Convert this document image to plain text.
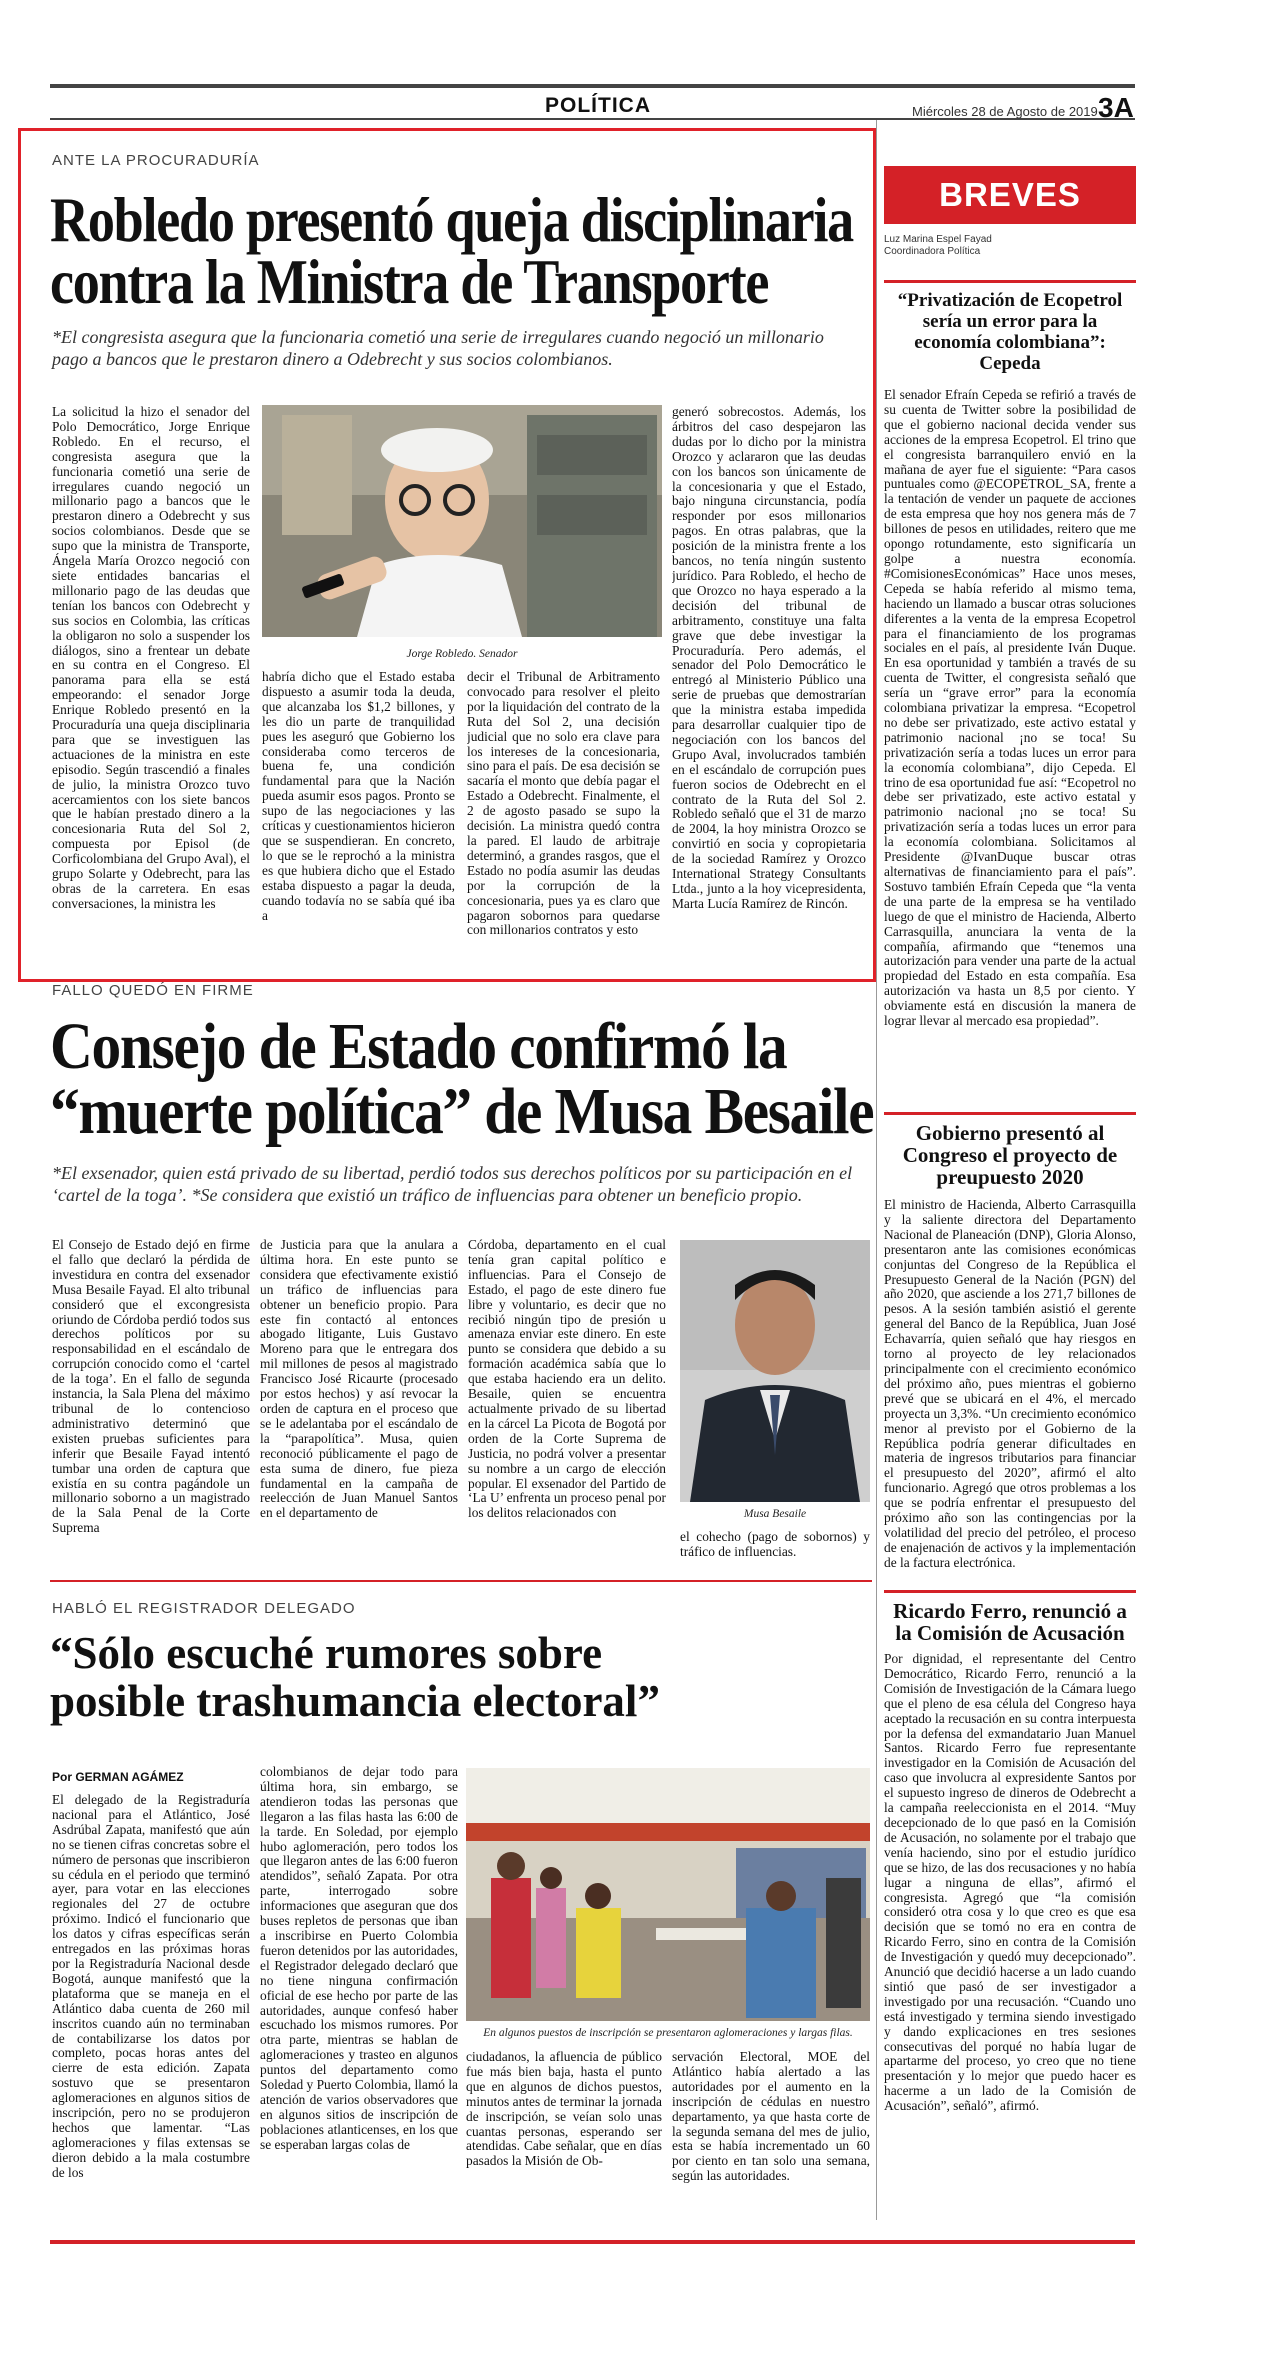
POLÍTICA	Miércoles 28 de Agosto de 2019 3A
ANTE LA PROCURADURÍA
Robledo presentó queja disciplinaria
contra la Ministra de Transporte
*El congresista asegura que la funcionaria cometió una serie de irregulares cuando negoció un millonario pago a bancos que le prestaron dinero a Odebrecht y sus socios colombianos.

La solicitud la hizo el senador del Polo Democrático, Jorge Enrique Robledo. En el recurso, el congresista asegura que la funcionaria cometió una serie de irregulares cuando negoció un millonario pago a bancos que le prestaron dinero a Odebrecht y sus socios colombianos. Desde que se supo que la ministra de Transporte, Ángela María Orozco negoció con siete entidades bancarias el millonario pago de las deudas que tenían los bancos con Odebrecht y sus socios en Colombia, las críticas la obligaron no solo a suspender los diálogos, sino a frentear un debate en su contra en el Congreso. El panorama para ella se está empeorando: el senador Jorge Enrique Robledo presentó en la Procuraduría una queja disciplinaria para que se investiguen las actuaciones de la ministra en este episodio. Según trascendió a finales de julio, la ministra Orozco tuvo acercamientos con los siete bancos que le habían prestado dinero a la concesionaria Ruta del Sol 2, compuesta por Episol (de Corficolombiana del Grupo Aval), el grupo Solarte y Odebrecht, para las obras de la carretera. En esas conversaciones, la ministra les

Jorge Robledo. Senador

habría dicho que el Estado estaba dispuesto a asumir toda la deuda, que alcanzaba los $1,2 billones, y les dio un parte de tranquilidad pues les aseguró que Gobierno los consideraba como terceros de buena fe, una condición fundamental para que la Nación pueda asumir esos pagos. Pronto se supo de las negociaciones y las críticas y cuestionamientos hicieron que se suspendieran. En concreto, lo que se le reprochó a la ministra es que hubiera dicho que el Estado estaba dispuesto a pagar la deuda, cuando todavía no se sabía qué iba a

decir el Tribunal de Arbitramento convocado para resolver el pleito por la liquidación del contrato de la Ruta del Sol 2, una decisión judicial que no solo era clave para los intereses de la concesionaria, sino para el país. De esa decisión se sacaría el monto que debía pagar el Estado a Odebrecht. Finalmente, el 2 de agosto pasado se supo la decisión. La ministra quedó contra la pared. El laudo de arbitraje determinó, a grandes rasgos, que el Estado no podía asumir las deudas por la corrupción de la concesionaria, pues ya es claro que pagaron sobornos para quedarse con millonarios contratos y esto

generó sobrecostos. Además, los árbitros del caso despejaron las dudas por lo dicho por la ministra Orozco y aclararon que las deudas con los bancos son únicamente de la concesionaria y que el Estado, bajo ninguna circunstancia, podía responder por esos millonarios pagos. En otras palabras, que la posición de la ministra frente a los bancos, no tenía ningún sustento jurídico. Para Robledo, el hecho de que Orozco no haya esperado a la decisión del tribunal de arbitramento, constituye una falta grave que debe investigar la Procuraduría. Pero además, el senador del Polo Democrático le entregó al Ministerio Público una serie de pruebas que demostrarían que la ministra estaba impedida para desarrollar cualquier tipo de negociación con los bancos del Grupo Aval, involucrados también en el escándalo de corrupción pues fueron socios de Odebrecht en el contrato de la Ruta del Sol 2. Robledo señaló que el 31 de marzo de 2004, la hoy ministra Orozco se convirtió en socia y copropietaria de la sociedad Ramírez y Orozco International Strategy Consultants Ltda., junto a la hoy vicepresidenta, Marta Lucía Ramírez de Rincón.

FALLO QUEDÓ EN FIRME
Consejo de Estado confirmó la
“muerte política” de Musa Besaile
*El exsenador, quien está privado de su libertad, perdió todos sus derechos políticos por su participación en el ‘cartel de la toga’. *Se considera que existió un tráfico de influencias para obtener un beneficio propio.

El Consejo de Estado dejó en firme el fallo que declaró la pérdida de investidura en contra del exsenador Musa Besaile Fayad. El alto tribunal consideró que el excongresista oriundo de Córdoba perdió todos sus derechos políticos por su responsabilidad en el escándalo de corrupción conocido como el ‘cartel de la toga’. En el fallo de segunda instancia, la Sala Plena del máximo tribunal de lo contencioso administrativo determinó que existen pruebas suficientes para inferir que Besaile Fayad intentó tumbar una orden de captura que existía en su contra pagándole un millonario soborno a un magistrado de la Sala Penal de la Corte Suprema

de Justicia para que la anulara a última hora. En este punto se considera que efectivamente existió un tráfico de influencias para obtener un beneficio propio. Para este fin contactó al entonces abogado litigante, Luis Gustavo Moreno para que le entregara dos mil millones de pesos al magistrado Francisco José Ricaurte (procesado por estos hechos) y así revocar la orden de captura en el proceso que se le adelantaba por el escándalo de la “parapolítica”. Musa, quien reconoció públicamente el pago de esta suma de dinero, fue pieza fundamental en la campaña de reelección de Juan Manuel Santos en el departamento de

Córdoba, departamento en el cual tenía gran capital político e influencias. Para el Consejo de Estado, el pago de este dinero fue libre y voluntario, es decir que no recibió ningún tipo de presión u amenaza enviar este dinero. En este punto se considera que debido a su formación académica sabía que lo que estaba haciendo era un delito. Besaile, quien se encuentra actualmente privado de su libertad en la cárcel La Picota de Bogotá por orden de la Corte Suprema de Justicia, no podrá volver a presentar su nombre a un cargo de elección popular. El exsenador del Partido de ‘La U’ enfrenta un proceso penal por los delitos relacionados con	Musa Besaile

el cohecho (pago de sobornos) y tráfico de influencias.

HABLÓ EL REGISTRADOR DELEGADO
“Sólo escuché rumores sobre
posible trashumancia electoral”
Por GERMAN AGÁMEZ

El delegado de la Registraduría nacional para el Atlántico, José Asdrúbal Zapata, manifestó que aún no se tienen cifras concretas sobre el número de personas que inscribieron su cédula en el periodo que terminó ayer, para votar en las elecciones regionales del 27 de octubre próximo. Indicó el funcionario que los datos y cifras específicas serán entregados en las próximas horas por la Registraduría Nacional desde Bogotá, aunque manifestó que la plataforma que se maneja en el Atlántico daba cuenta de 260 mil inscritos cuando aún no terminaban de contabilizarse los datos por completo, pocas horas antes del cierre de esta edición. Zapata sostuvo que se presentaron aglomeraciones en algunos sitios de inscripción, pero no se produjeron hechos que lamentar. “Las aglomeraciones y filas extensas se dieron debido a la mala costumbre de los

colombianos de dejar todo para última hora, sin embargo, se atendieron todas las personas que llegaron a las filas hasta las 6:00 de la tarde. En Soledad, por ejemplo hubo aglomeración, pero todos los que llegaron antes de las 6:00 fueron atendidos”, señaló Zapata. Por otra parte, interrogado sobre informaciones que aseguran que dos buses repletos de personas que iban a inscribirse en Puerto Colombia fueron detenidos por las autoridades, el Registrador delegado declaró que no tiene ninguna confirmación oficial de ese hecho por parte de las autoridades, aunque confesó haber escuchado los mismos rumores. Por otra parte, mientras se hablan de aglomeraciones y trasteo en algunos puntos del departamento como Soledad y Puerto Colombia, llamó la atención de varios observadores que en algunos sitios de inscripción de poblaciones atlanticenses, en los que se esperaban largas colas de

En algunos puestos de inscripción se presentaron aglomeraciones y largas filas.

ciudadanos, la afluencia de público fue más bien baja, hasta el punto que en algunos de dichos puestos, minutos antes de terminar la jornada de inscripción, se veían solo unas cuantas personas, esperando ser atendidas. Cabe señalar, que en días pasados la Misión de Ob-

servación Electoral, MOE del Atlántico había alertado a las autoridades por el aumento en la inscripción de cédulas en nuestro departamento, ya que hasta corte de la segunda semana del mes de julio, esta se había incrementado un 60 por ciento en tan solo una semana, según las autoridades.

BREVES
Luz Marina Espel Fayad
Coordinadora Política
“Privatización de Ecopetrol sería un error para la economía colombiana”: Cepeda

El senador Efraín Cepeda se refirió a través de su cuenta de Twitter sobre la posibilidad de que el gobierno nacional decida vender sus acciones de la empresa Ecopetrol. El trino que el congresista barranquilero envió en la mañana de ayer fue el siguiente: “Para casos puntuales como @ECOPETROL_SA, frente a la tentación de vender un paquete de acciones de esta empresa que hoy nos genera más de 7 billones de pesos en utilidades, reitero que me opongo rotundamente, esto significaría un golpe a nuestra economía. #ComisionesEconómicas” Hace unos meses, Cepeda se había referido al mismo tema, haciendo un llamado a buscar otras soluciones diferentes a la venta de la empresa Ecopetrol para el financiamiento de los programas sociales en el país, al presidente Iván Duque. En esa oportunidad y también a través de su cuenta de Twitter, el congresista señaló que sería un “grave error” para la economía colombiana privatizar la empresa. “Ecopetrol no debe ser privatizado, este activo estatal y patrimonio nacional ¡no se toca! Su privatización sería a todas luces un error para la economía colombiana”, dijo Cepeda. El trino de esa oportunidad fue así: “Ecopetrol no debe ser privatizado, este activo estatal y patrimonio nacional ¡no se toca! Su privatización sería a todas luces un error para la economía colombiana. Solicitamos al Presidente @IvanDuque buscar otras alternativas de financiamiento para el país”. Sostuvo también Efraín Cepeda que “la venta de una parte de la empresa se ha ventilado luego de que el ministro de Hacienda, Alberto Carrasquilla, anunciara la venta de la compañía, afirmando que “tenemos una autorización para vender una parte de la actual propiedad del Estado en esta compañía. Esa autorización va hasta un 8,5 por ciento. Y obviamente está en discusión la manera de lograr llevar al mercado esa propiedad”.

Gobierno presentó al Congreso el proyecto de preupuesto 2020

El ministro de Hacienda, Alberto Carrasquilla y la saliente directora del Departamento Nacional de Planeación (DNP), Gloria Alonso, presentaron ante las comisiones económicas conjuntas del Congreso de la República el Presupuesto General de la Nación (PGN) del año 2020, que asciende a los 271,7 billones de pesos. A la sesión también asistió el gerente general del Banco de la República, Juan José Echavarría, quien señaló que hay riesgos en torno al proyecto de ley relacionados principalmente con el crecimiento económico del próximo año, pues mientras el gobierno prevé que se ubicará en el 4%, el mercado proyecta un 3,3%. “Un crecimiento económico menor al previsto por el Gobierno de la República podría generar dificultades en materia de ingresos tributarios para financiar el presupuesto del 2020”, afirmó el alto funcionario. Agregó que otros problemas a los que se podría enfrentar el presupuesto del próximo año son las contingencias por la volatilidad del precio del petróleo, el proceso de enajenación de activos y la implementación de la factura electrónica.

Ricardo Ferro, renunció a la Comisión de Acusación

Por dignidad, el representante del Centro Democrático, Ricardo Ferro, renunció a la Comisión de Investigación de la Cámara luego que el pleno de esa célula del Congreso haya aceptado la recusación en su contra interpuesta por la defensa del exmandatario Juan Manuel Santos. Ricardo Ferro fue representante investigador en la Comisión de Acusación del caso que involucra al expresidente Santos por el supuesto ingreso de dineros de Odebrecht a la campaña reeleccionista en el 2014. “Muy decepcionado de lo que pasó en la Comisión de Acusación, no solamente por el trabajo que venía haciendo, sino por el estudio jurídico que se hizo, de las dos recusaciones y no había lugar a ninguna de ellas”, afirmó el congresista. Agregó que “la comisión consideró otra cosa y lo que creo es que esa decisión que se tomó no era en contra de Ricardo Ferro, sino en contra de la Comisión de Investigación y quedó muy decepcionado”. Anunció que decidió hacerse a un lado cuando sintió que pasó de ser investigador a investigado por una recusación. “Cuando uno está investigado y termina siendo investigado y dando explicaciones en tres sesiones consecutivas del porqué no había lugar de apartarme del proceso, yo creo que no tiene presentación y lo mejor que puedo hacer es hacerme a un lado de la Comisión de Acusación”, señaló”, afirmó.
